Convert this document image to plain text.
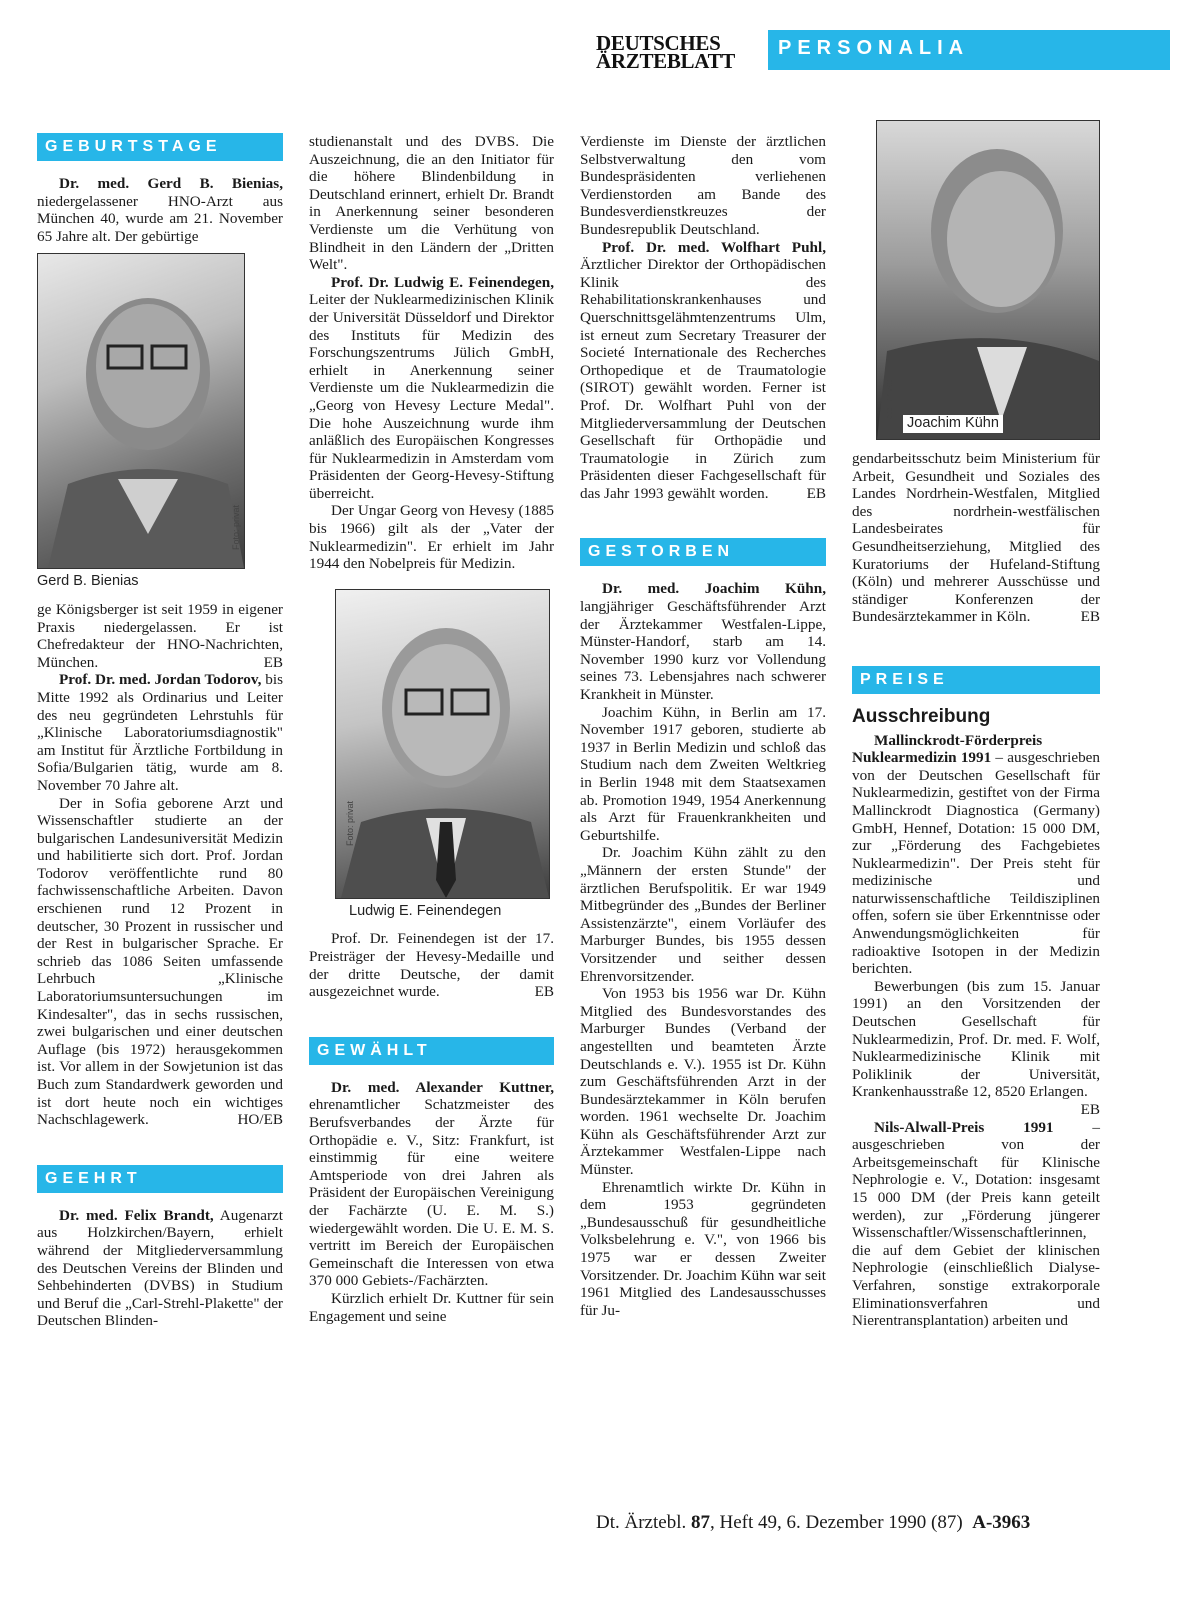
DEUTSCHES
ÄRZTEBLATT
PERSONALIA
GEBURTSTAGE

Dr. med. Gerd B. Bienias, niedergelassener HNO-Arzt aus München 40, wurde am 21. November 65 Jahre alt. Der gebürtige

Foto: privat
Gerd B. Bienias

ge Königsberger ist seit 1959 in eigener Praxis niedergelassen. Er ist Chefredakteur der HNO-Nachrichten, München.	EB

Prof. Dr. med. Jordan Todorov, bis Mitte 1992 als Ordinarius und Leiter des neu gegründeten Lehrstuhls für „Klinische Laboratoriumsdiagnostik" am Institut für Ärztliche Fortbildung in Sofia/Bulgarien tätig, wurde am 8. November 70 Jahre alt.

Der in Sofia geborene Arzt und Wissenschaftler studierte an der bulgarischen Landesuniversität Medizin und habilitierte sich dort. Prof. Jordan Todorov veröffentlichte rund 80 fachwissenschaftliche Arbeiten. Davon erschienen rund 12 Prozent in deutscher, 30 Prozent in russischer und der Rest in bulgarischer Sprache. Er schrieb das 1086 Seiten umfassende Lehrbuch „Klinische Laboratoriumsuntersuchungen im Kindesalter", das in sechs russischen, zwei bulgarischen und einer deutschen Auflage (bis 1972) herausgekommen ist. Vor allem in der Sowjetunion ist das Buch zum Standardwerk geworden und ist dort heute noch ein wichtiges Nachschlagewerk.	HO/EB

GEEHRT

Dr. med. Felix Brandt, Augenarzt aus Holzkirchen/Bayern, erhielt während der Mitgliederversammlung des Deutschen Vereins der Blinden und Sehbehinderten (DVBS) in Studium und Beruf die „Carl-Strehl-Plakette" der Deutschen Blinden-

studienanstalt und des DVBS. Die Auszeichnung, die an den Initiator für die höhere Blindenbildung in Deutschland erinnert, erhielt Dr. Brandt in Anerkennung seiner besonderen Verdienste um die Verhütung von Blindheit in den Ländern der „Dritten Welt".

Prof. Dr. Ludwig E. Feinendegen, Leiter der Nuklearmedizinischen Klinik der Universität Düsseldorf und Direktor des Instituts für Medizin des Forschungszentrums Jülich GmbH, erhielt in Anerkennung seiner Verdienste um die Nuklearmedizin die „Georg von Hevesy Lecture Medal". Die hohe Auszeichnung wurde ihm anläßlich des Europäischen Kongresses für Nuklearmedizin in Amsterdam vom Präsidenten der Georg-Hevesy-Stiftung überreicht.

Der Ungar Georg von Hevesy (1885 bis 1966) gilt als der „Vater der Nuklearmedizin". Er erhielt im Jahr 1944 den Nobelpreis für Medizin.

Foto: privat
Ludwig E. Feinendegen

Prof. Dr. Feinendegen ist der 17. Preisträger der Hevesy-Medaille und der dritte Deutsche, der damit ausgezeichnet wurde.	EB

GEWÄHLT

Dr. med. Alexander Kuttner, ehrenamtlicher Schatzmeister des Berufsverbandes der Ärzte für Orthopädie e. V., Sitz: Frankfurt, ist einstimmig für eine weitere Amtsperiode von drei Jahren als Präsident der Europäischen Vereinigung der Fachärzte (U. E. M. S.) wiedergewählt worden. Die U. E. M. S. vertritt im Bereich der Europäischen Gemeinschaft die Interessen von etwa 370 000 Gebiets-/Fachärzten.

Kürzlich erhielt Dr. Kuttner für sein Engagement und seine

Verdienste im Dienste der ärztlichen Selbstverwaltung den vom Bundespräsidenten verliehenen Verdienstorden am Bande des Bundesverdienstkreuzes der Bundesrepublik Deutschland.

Prof. Dr. med. Wolfhart Puhl, Ärztlicher Direktor der Orthopädischen Klinik des Rehabilitationskrankenhauses und Querschnittsgelähmtenzentrums Ulm, ist erneut zum Secretary Treasurer der Societé Internationale des Recherches Orthopedique et de Traumatologie (SIROT) gewählt worden. Ferner ist Prof. Dr. Wolfhart Puhl von der Mitgliederversammlung der Deutschen Gesellschaft für Orthopädie und Traumatologie in Zürich zum Präsidenten dieser Fachgesellschaft für das Jahr 1993 gewählt worden.	EB

GESTORBEN

Dr. med. Joachim Kühn, langjähriger Geschäftsführender Arzt der Ärztekammer Westfalen-Lippe, Münster-Handorf, starb am 14. November 1990 kurz vor Vollendung seines 73. Lebensjahres nach schwerer Krankheit in Münster.

Joachim Kühn, in Berlin am 17. November 1917 geboren, studierte ab 1937 in Berlin Medizin und schloß das Studium nach dem Zweiten Weltkrieg in Berlin 1948 mit dem Staatsexamen ab. Promotion 1949, 1954 Anerkennung als Arzt für Frauenkrankheiten und Geburtshilfe.

Dr. Joachim Kühn zählt zu den „Männern der ersten Stunde" der ärztlichen Berufspolitik. Er war 1949 Mitbegründer des „Bundes der Berliner Assistenzärzte", einem Vorläufer des Marburger Bundes, bis 1955 dessen Vorsitzender und seither dessen Ehrenvorsitzender.

Von 1953 bis 1956 war Dr. Kühn Mitglied des Bundesvorstandes des Marburger Bundes (Verband der angestellten und beamteten Ärzte Deutschlands e. V.). 1955 ist Dr. Kühn zum Geschäftsführenden Arzt in der Bundesärztekammer in Köln berufen worden. 1961 wechselte Dr. Joachim Kühn als Geschäftsführender Arzt zur Ärztekammer Westfalen-Lippe nach Münster.

Ehrenamtlich wirkte Dr. Kühn in dem 1953 gegründeten „Bundesausschuß für gesundheitliche Volksbelehrung e. V.", von 1966 bis 1975 war er dessen Zweiter Vorsitzender. Dr. Joachim Kühn war seit 1961 Mitglied des Landesausschusses für Ju-

Foto: privat Joachim Kühn

gendarbeitsschutz beim Ministerium für Arbeit, Gesundheit und Soziales des Landes Nordrhein-Westfalen, Mitglied des nordrhein-westfälischen Landesbeirates für Gesundheitserziehung, Mitglied des Kuratoriums der Hufeland-Stiftung (Köln) und mehrerer Ausschüsse und ständiger Konferenzen der Bundesärztekammer in Köln.	EB

PREISE
Ausschreibung

Mallinckrodt-Förderpreis Nuklearmedizin 1991 – ausgeschrieben von der Deutschen Gesellschaft für Nuklearmedizin, gestiftet von der Firma Mallinckrodt Diagnostica (Germany) GmbH, Hennef, Dotation: 15 000 DM, zur „Förderung des Fachgebietes Nuklearmedizin". Der Preis steht für medizinische und naturwissenschaftliche Teildisziplinen offen, sofern sie über Erkenntnisse oder Anwendungsmöglichkeiten für radioaktive Isotopen in der Medizin berichten.

Bewerbungen (bis zum 15. Januar 1991) an den Vorsitzenden der Deutschen Gesellschaft für Nuklearmedizin, Prof. Dr. med. F. Wolf, Nuklearmedizinische Klinik mit Poliklinik der Universität, Krankenhausstraße 12, 8520 Erlangen.
EB

Nils-Alwall-Preis 1991 – ausgeschrieben von der Arbeitsgemeinschaft für Klinische Nephrologie e. V., Dotation: insgesamt 15 000 DM (der Preis kann geteilt werden), zur „Förderung jüngerer Wissenschaftler/Wissenschaftlerinnen, die auf dem Gebiet der klinischen Nephrologie (einschließlich Dialyse-Verfahren, sonstige extrakorporale Eliminationsverfahren und Nierentransplantation) arbeiten und

Dt. Ärztebl. 87, Heft 49, 6. Dezember 1990 (87) A-3963
